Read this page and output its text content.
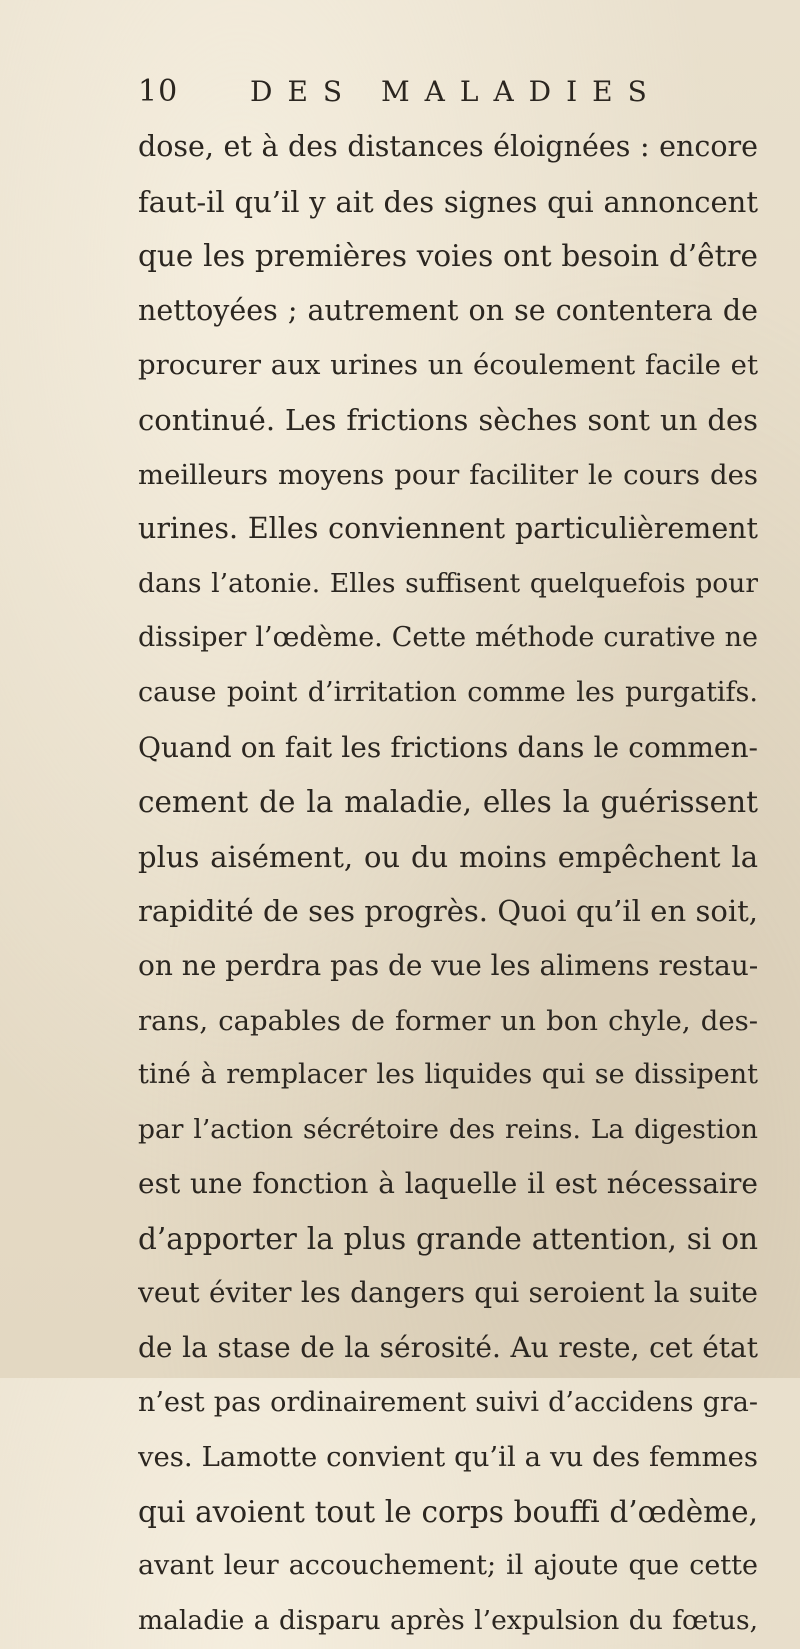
10	DES MALADIES
dose, et à des distances éloignées : encore
faut-il qu’il y ait des signes qui annoncent
que les premières voies ont besoin d’être
nettoyées ; autrement on se contentera de
procurer aux urines un écoulement facile et
continué. Les frictions sèches sont un des
meilleurs moyens pour faciliter le cours des
urines. Elles conviennent particulièrement
dans l’atonie. Elles suffisent quelquefois pour
dissiper l’œdème. Cette méthode curative ne
cause point d’irritation comme les purgatifs.
Quand on fait les frictions dans le commen-
cement de la maladie, elles la guérissent
plus aisément, ou du moins empêchent la
rapidité de ses progrès. Quoi qu’il en soit,
on ne perdra pas de vue les alimens restau-
rans, capables de former un bon chyle, des-
tiné à remplacer les liquides qui se dissipent
par l’action sécrétoire des reins. La digestion
est une fonction à laquelle il est nécessaire
d’apporter la plus grande attention, si on
veut éviter les dangers qui seroient la suite
de la stase de la sérosité. Au reste, cet état
n’est pas ordinairement suivi d’accidens gra-
ves. Lamotte convient qu’il a vu des femmes
qui avoient tout le corps bouffi d’œdème,
avant leur accouchement; il ajoute que cette
maladie a disparu après l’expulsion du fœtus,
